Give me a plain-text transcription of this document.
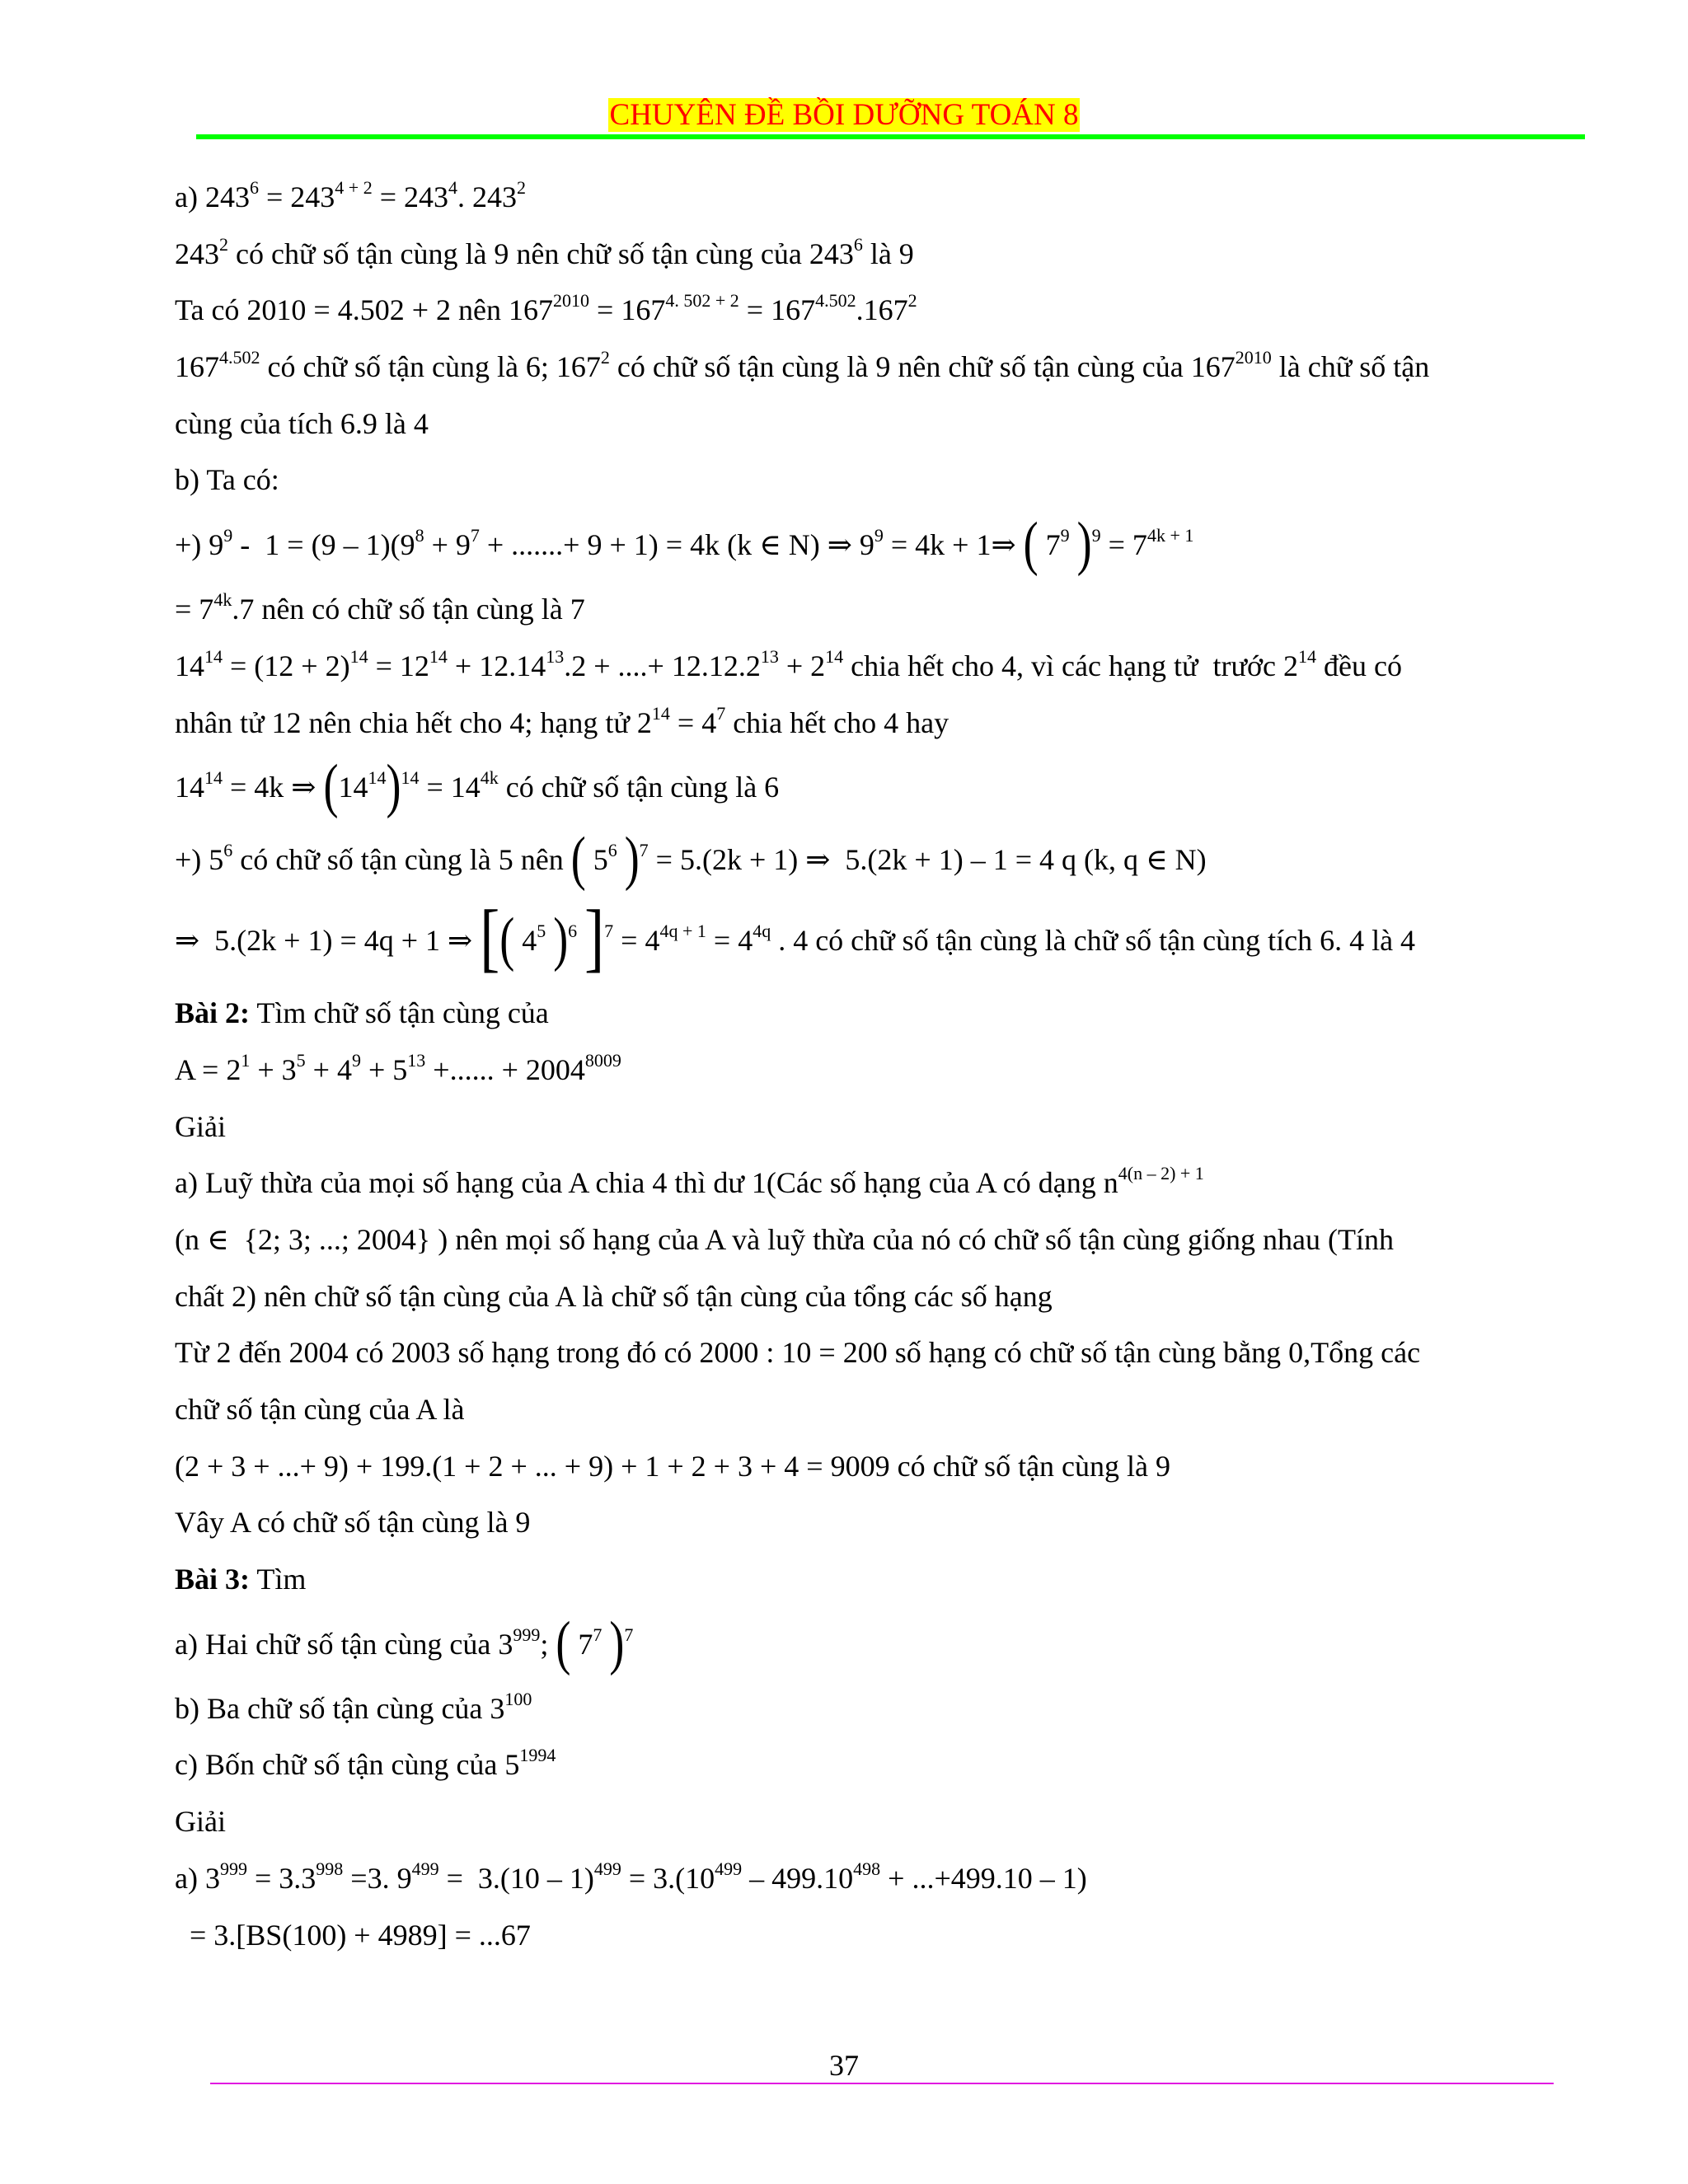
CHUYÊN ĐỀ BỒI DƯỠNG TOÁN 8
a) $243^6 = 243^{4 + 2} = 243^4$. $243^2$
$243^2$ có chữ số tận cùng là 9 nên chữ số tận cùng của $243^6$ là 9
Ta có 2010 = 4.502 + 2 nên $167^{2010} = 167^{4. 502 + 2} = 167^{4.502}.167^2$
$167^{4.502}$ có chữ số tận cùng là 6; $167^2$ có chữ số tận cùng là 9 nên chữ số tận cùng của $167^{2010}$ là chữ số tận
cùng của tích 6.9 là 4
b) Ta có:
+) $9^9 - 1 = (9 - 1)(9^8 + 9^7$ + .......+ 9 + 1) = 4k (k ∈ N) ⇒ $9^9 = 4k$ + 1⇒ ( $7^9$ )$^9 = 7^{4k + 1}$
= $7^{4k}.7$ nên có chữ số tận cùng là 7
$14^{14} = (12 + 2)^{14} = 12^{14} + 12.14^{13}.2$ + ....+ $12.12.2^{13} + 2^{14}$ chia hết cho 4, vì các hạng tử  trước $2^{14}$ đều có
nhân tử 12 nên chia hết cho 4; hạng tử $2^{14} = 4^7$ chia hết cho 4 hay
$14^{14} = 4k$ ⇒ $(14^{14})^{14} = 14^{4k}$ có chữ số tận cùng là 6
+) $5^6$ có chữ số tận cùng là 5 nên ( $5^6$ )$^7$ = 5.(2k + 1) ⇒  5.(2k + 1) – 1 = 4 q (k, q ∈ N)
⇒  5.(2k + 1) = 4q + 1 ⇒ [( $4^5$ )$^6$ ]$^7 = 4^{4q + 1} = 4^{4q}$ . 4 có chữ số tận cùng là chữ số tận cùng tích 6. 4 là 4
Bài 2: Tìm chữ số tận cùng của
$A = 2^1 + 3^5 + 4^9 + 5^{13}$ +...... + $2004^{8009}$
Giải
a) Luỹ thừa của mọi số hạng của A chia 4 thì dư 1(Các số hạng của A có dạng $n^{4(n - 2) + 1}$
(n ∈  {2; 3; ...; 2004} ) nên mọi số hạng của A và luỹ thừa của nó có chữ số tận cùng giống nhau (Tính
chất 2) nên chữ số tận cùng của A là chữ số tận cùng của tổng các số hạng
Từ 2 đến 2004 có 2003 số hạng trong đó có 2000 : 10 = 200 số hạng có chữ số tận cùng bằng 0,Tổng các
chữ số tận cùng của A là
(2 + 3 + ...+ 9) + 199.(1 + 2 + ... + 9) + 1 + 2 + 3 + 4 = 9009 có chữ số tận cùng là 9
Vây A có chữ số tận cùng là 9
Bài 3: Tìm
a) Hai chữ số tận cùng của $3^{999}$; ( $7^7$ )$^7$
b) Ba chữ số tận cùng của $3^{100}$
c) Bốn chữ số tận cùng của $5^{1994}$
Giải
a) $3^{999} = 3.3^{998} =3$. $9^{499} = 3.(10 - 1)^{499} = 3.(10^{499} - 499.10^{498} + ...+499.10 - 1)$
= 3.[BS(100) + 4989] = ...67
37
